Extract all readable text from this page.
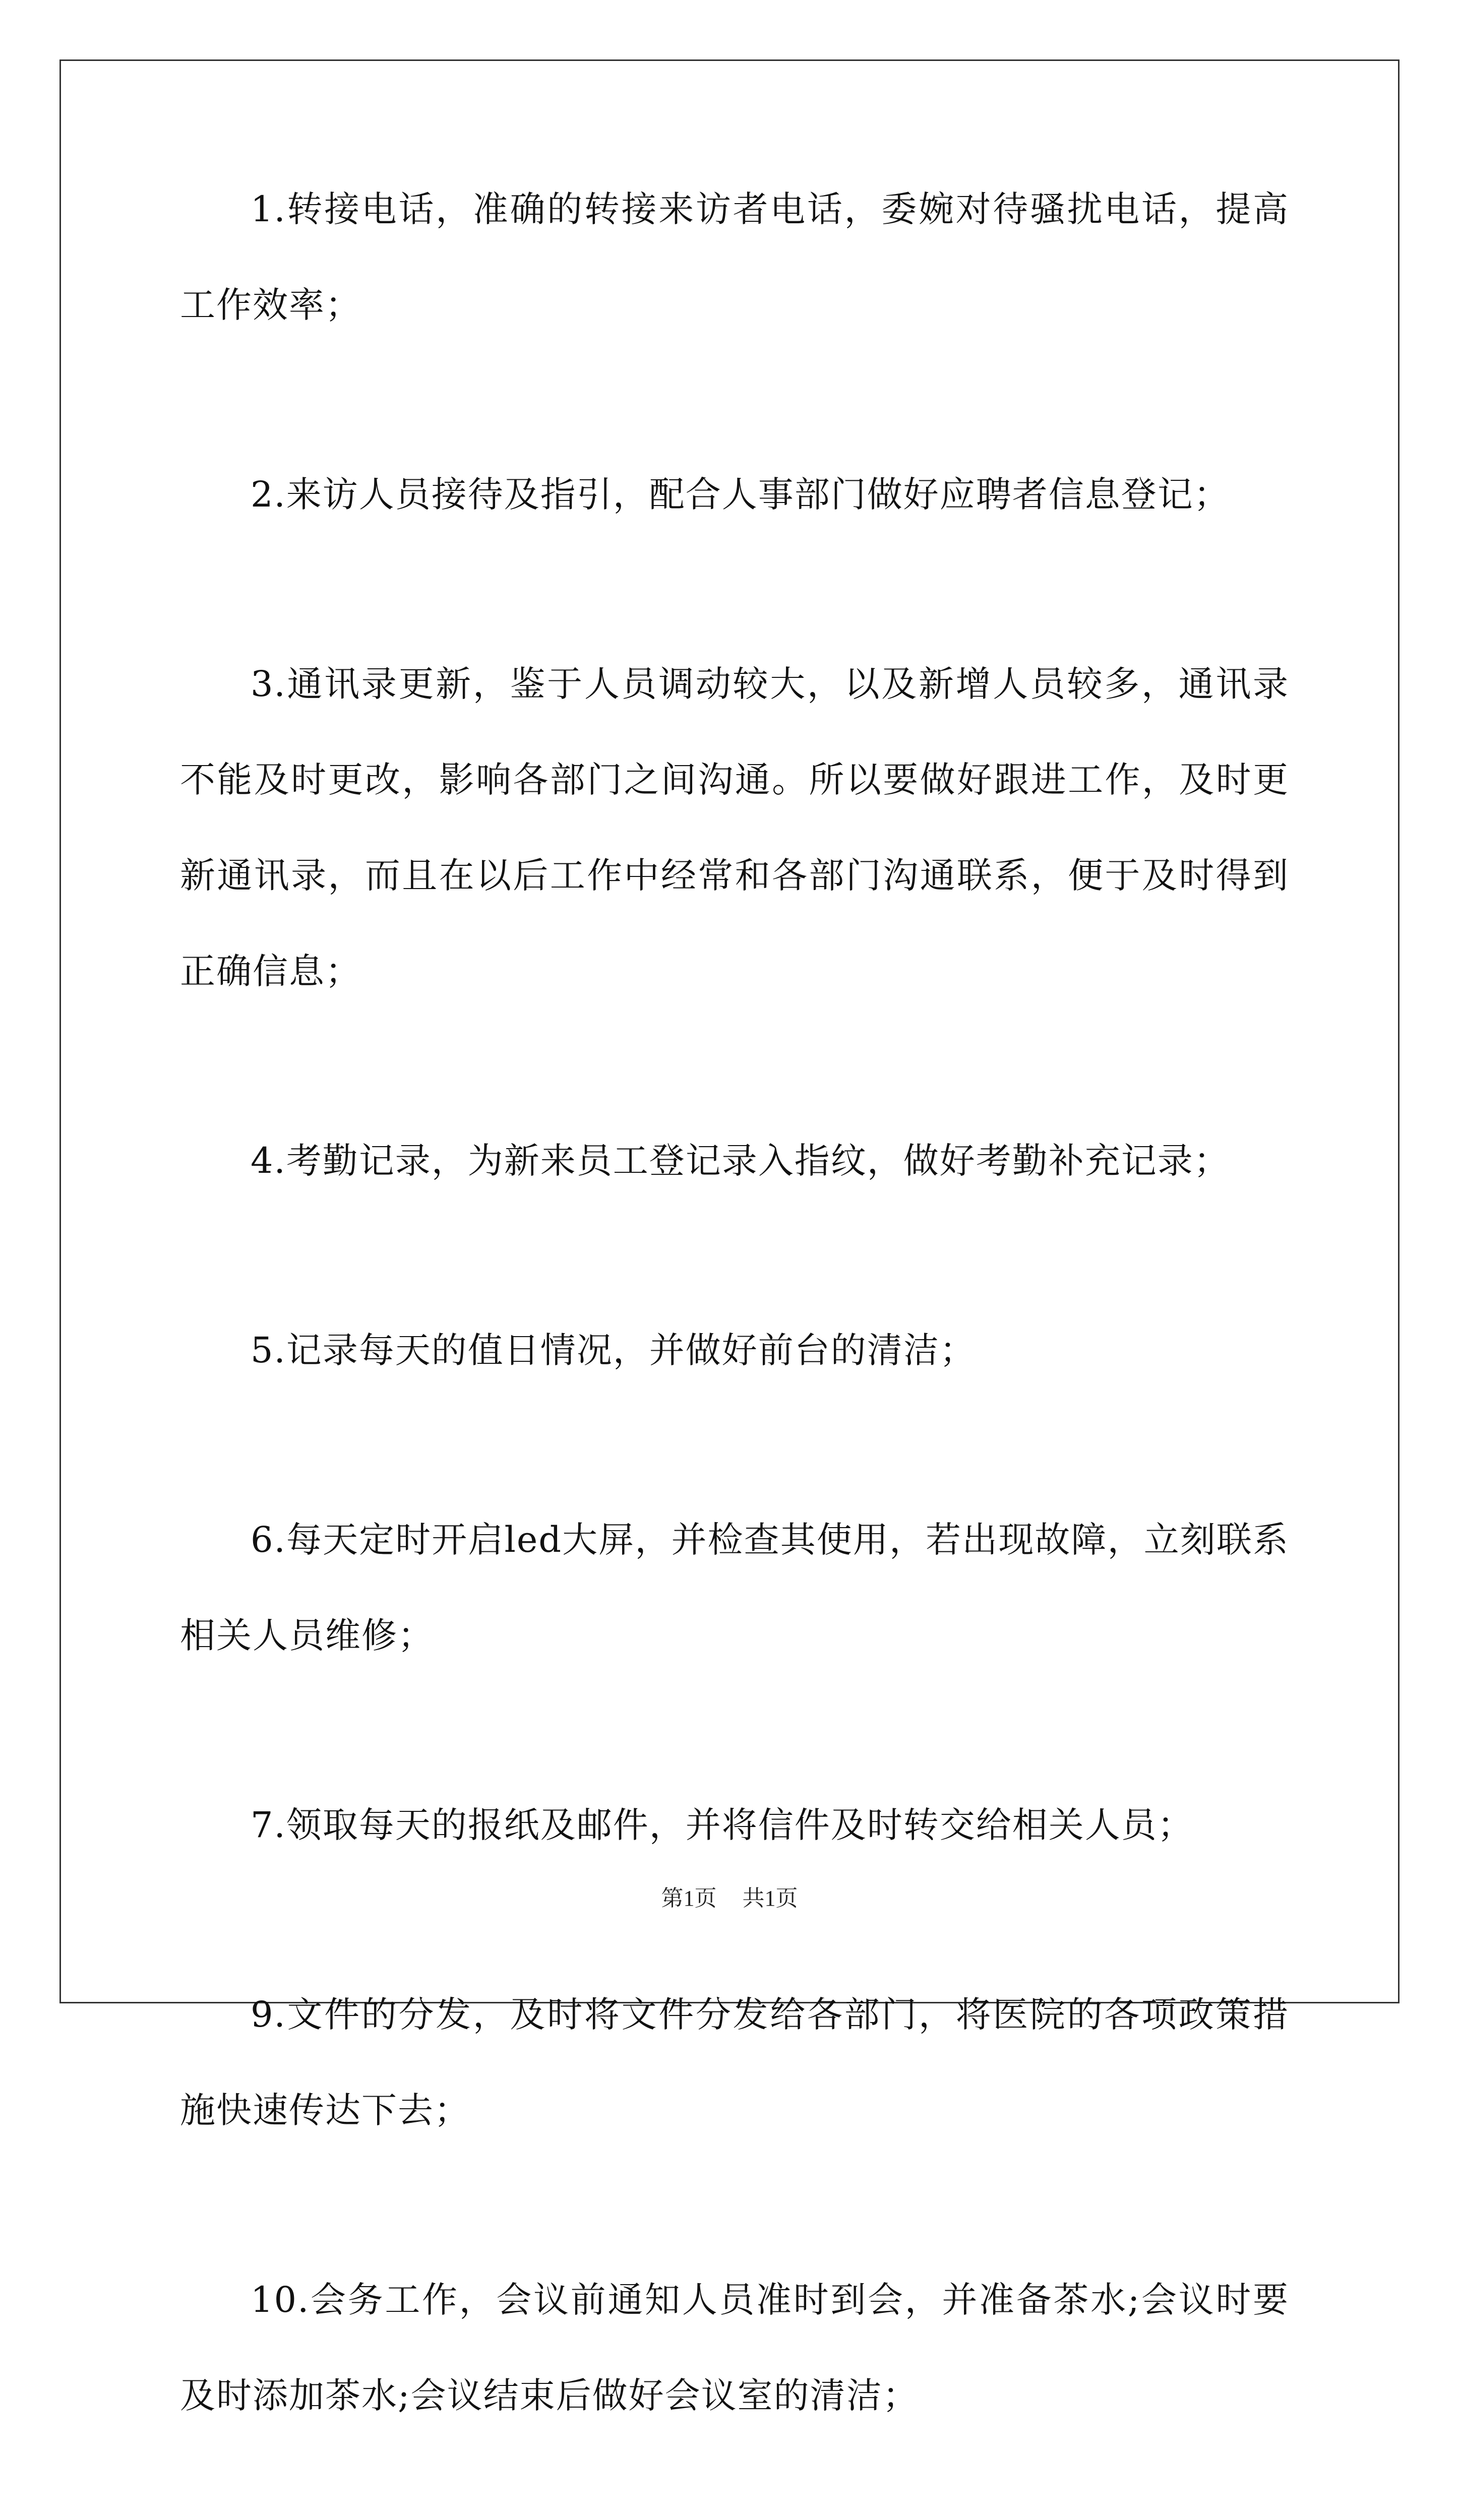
1.转接电话，准确的转接来访者电话，委婉对待骚扰电话，提高工作效率；

2.来访人员接待及指引，配合人事部门做好应聘者信息登记；

3.通讯录更新，鉴于人员调动较大，以及新增人员较多，通讯录不能及时更改，影响各部门之间沟通。所以要做好跟进工作，及时更新通讯录，而且在以后工作中经常和各部门沟通联系，便于及时得到正确信息；

4.考勤记录，为新来员工登记录入指纹，做好考勤补充记录；

5.记录每天的值日情况，并做好前台的清洁；

6.每天定时开启led大屏，并检查其使用，若出现故障，立刻联系相关人员维修；

7.领取每天的报纸及邮件，并将信件及时转交给相关人员；

9.文件的分发，及时将文件分发给各部门，将医院的各项政策措施快速传达下去；

10.会务工作，会议前通知人员准时到会，并准备茶水;会议时要及时添加茶水;会议结束后做好会议室的清洁；

第1页 共1页
